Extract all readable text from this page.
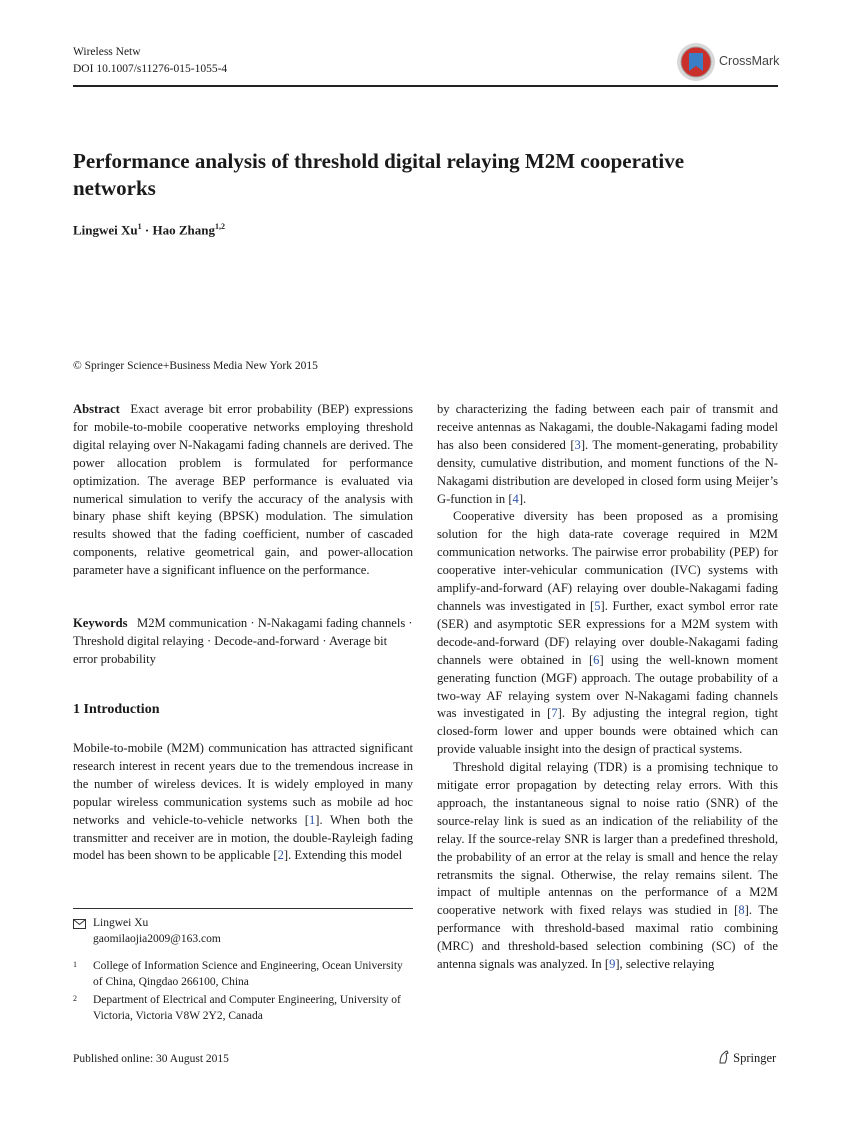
Wireless Netw
DOI 10.1007/s11276-015-1055-4
CrossMark
Performance analysis of threshold digital relaying M2M cooperative networks
Lingwei $Xu^1$ · Hao Zhang$^{1,2}$
© Springer Science+Business Media New York 2015

Abstract Exact average bit error probability (BEP) expressions for mobile-to-mobile cooperative networks employing threshold digital relaying over N-Nakagami fading channels are derived. The power allocation problem is formulated for performance optimization. The average BEP performance is evaluated via numerical simulation to verify the accuracy of the analysis with binary phase shift keying (BPSK) modulation. The simulation results showed that the fading coefficient, number of cascaded components, relative geometrical gain, and power-allocation parameter have a significant influence on the performance.

Keywords M2M communication · N-Nakagami fading channels · Threshold digital relaying · Decode-and-forward · Average bit error probability

1 Introduction

Mobile-to-mobile (M2M) communication has attracted significant research interest in recent years due to the tremendous increase in the number of wireless devices. It is widely employed in many popular wireless communication systems such as mobile ad hoc networks and vehicle-to-vehicle networks [1]. When both the transmitter and receiver are in motion, the double-Rayleigh fading model has been shown to be applicable [2]. Extending this model

Lingwei Xu
gaomilaojia2009@163.com
1 College of Information Science and Engineering, Ocean University of China, Qingdao 266100, China
2 Department of Electrical and Computer Engineering, University of Victoria, Victoria V8W 2Y2, Canada

by characterizing the fading between each pair of transmit and receive antennas as Nakagami, the double-Nakagami fading model has also been considered [3]. The moment-generating, probability density, cumulative distribution, and moment functions of the N-Nakagami distribution are developed in closed form using Meijer’s G-function in [4].

Cooperative diversity has been proposed as a promising solution for the high data-rate coverage required in M2M communication networks. The pairwise error probability (PEP) for cooperative inter-vehicular communication (IVC) systems with amplify-and-forward (AF) relaying over double-Nakagami fading channels was investigated in [5]. Further, exact symbol error rate (SER) and asymptotic SER expressions for a M2M system with decode-and-forward (DF) relaying over double-Nakagami fading channels were obtained in [6] using the well-known moment generating function (MGF) approach. The outage probability of a two-way AF relaying system over N-Nakagami fading channels was investigated in [7]. By adjusting the integral region, tight closed-form lower and upper bounds were obtained which can provide valuable insight into the design of practical systems.

Threshold digital relaying (TDR) is a promising technique to mitigate error propagation by detecting relay errors. With this approach, the instantaneous signal to noise ratio (SNR) of the source-relay link is sued as an indication of the reliability of the relay. If the source-relay SNR is larger than a predefined threshold, the probability of an error at the relay is small and hence the relay retransmits the signal. Otherwise, the relay remains silent. The impact of multiple antennas on the performance of a M2M cooperative network with fixed relays was studied in [8]. The performance with threshold-based maximal ratio combining (MRC) and threshold-based selection combining (SC) of the antenna signals was analyzed. In [9], selective relaying

Published online: 30 August 2015	Springer
